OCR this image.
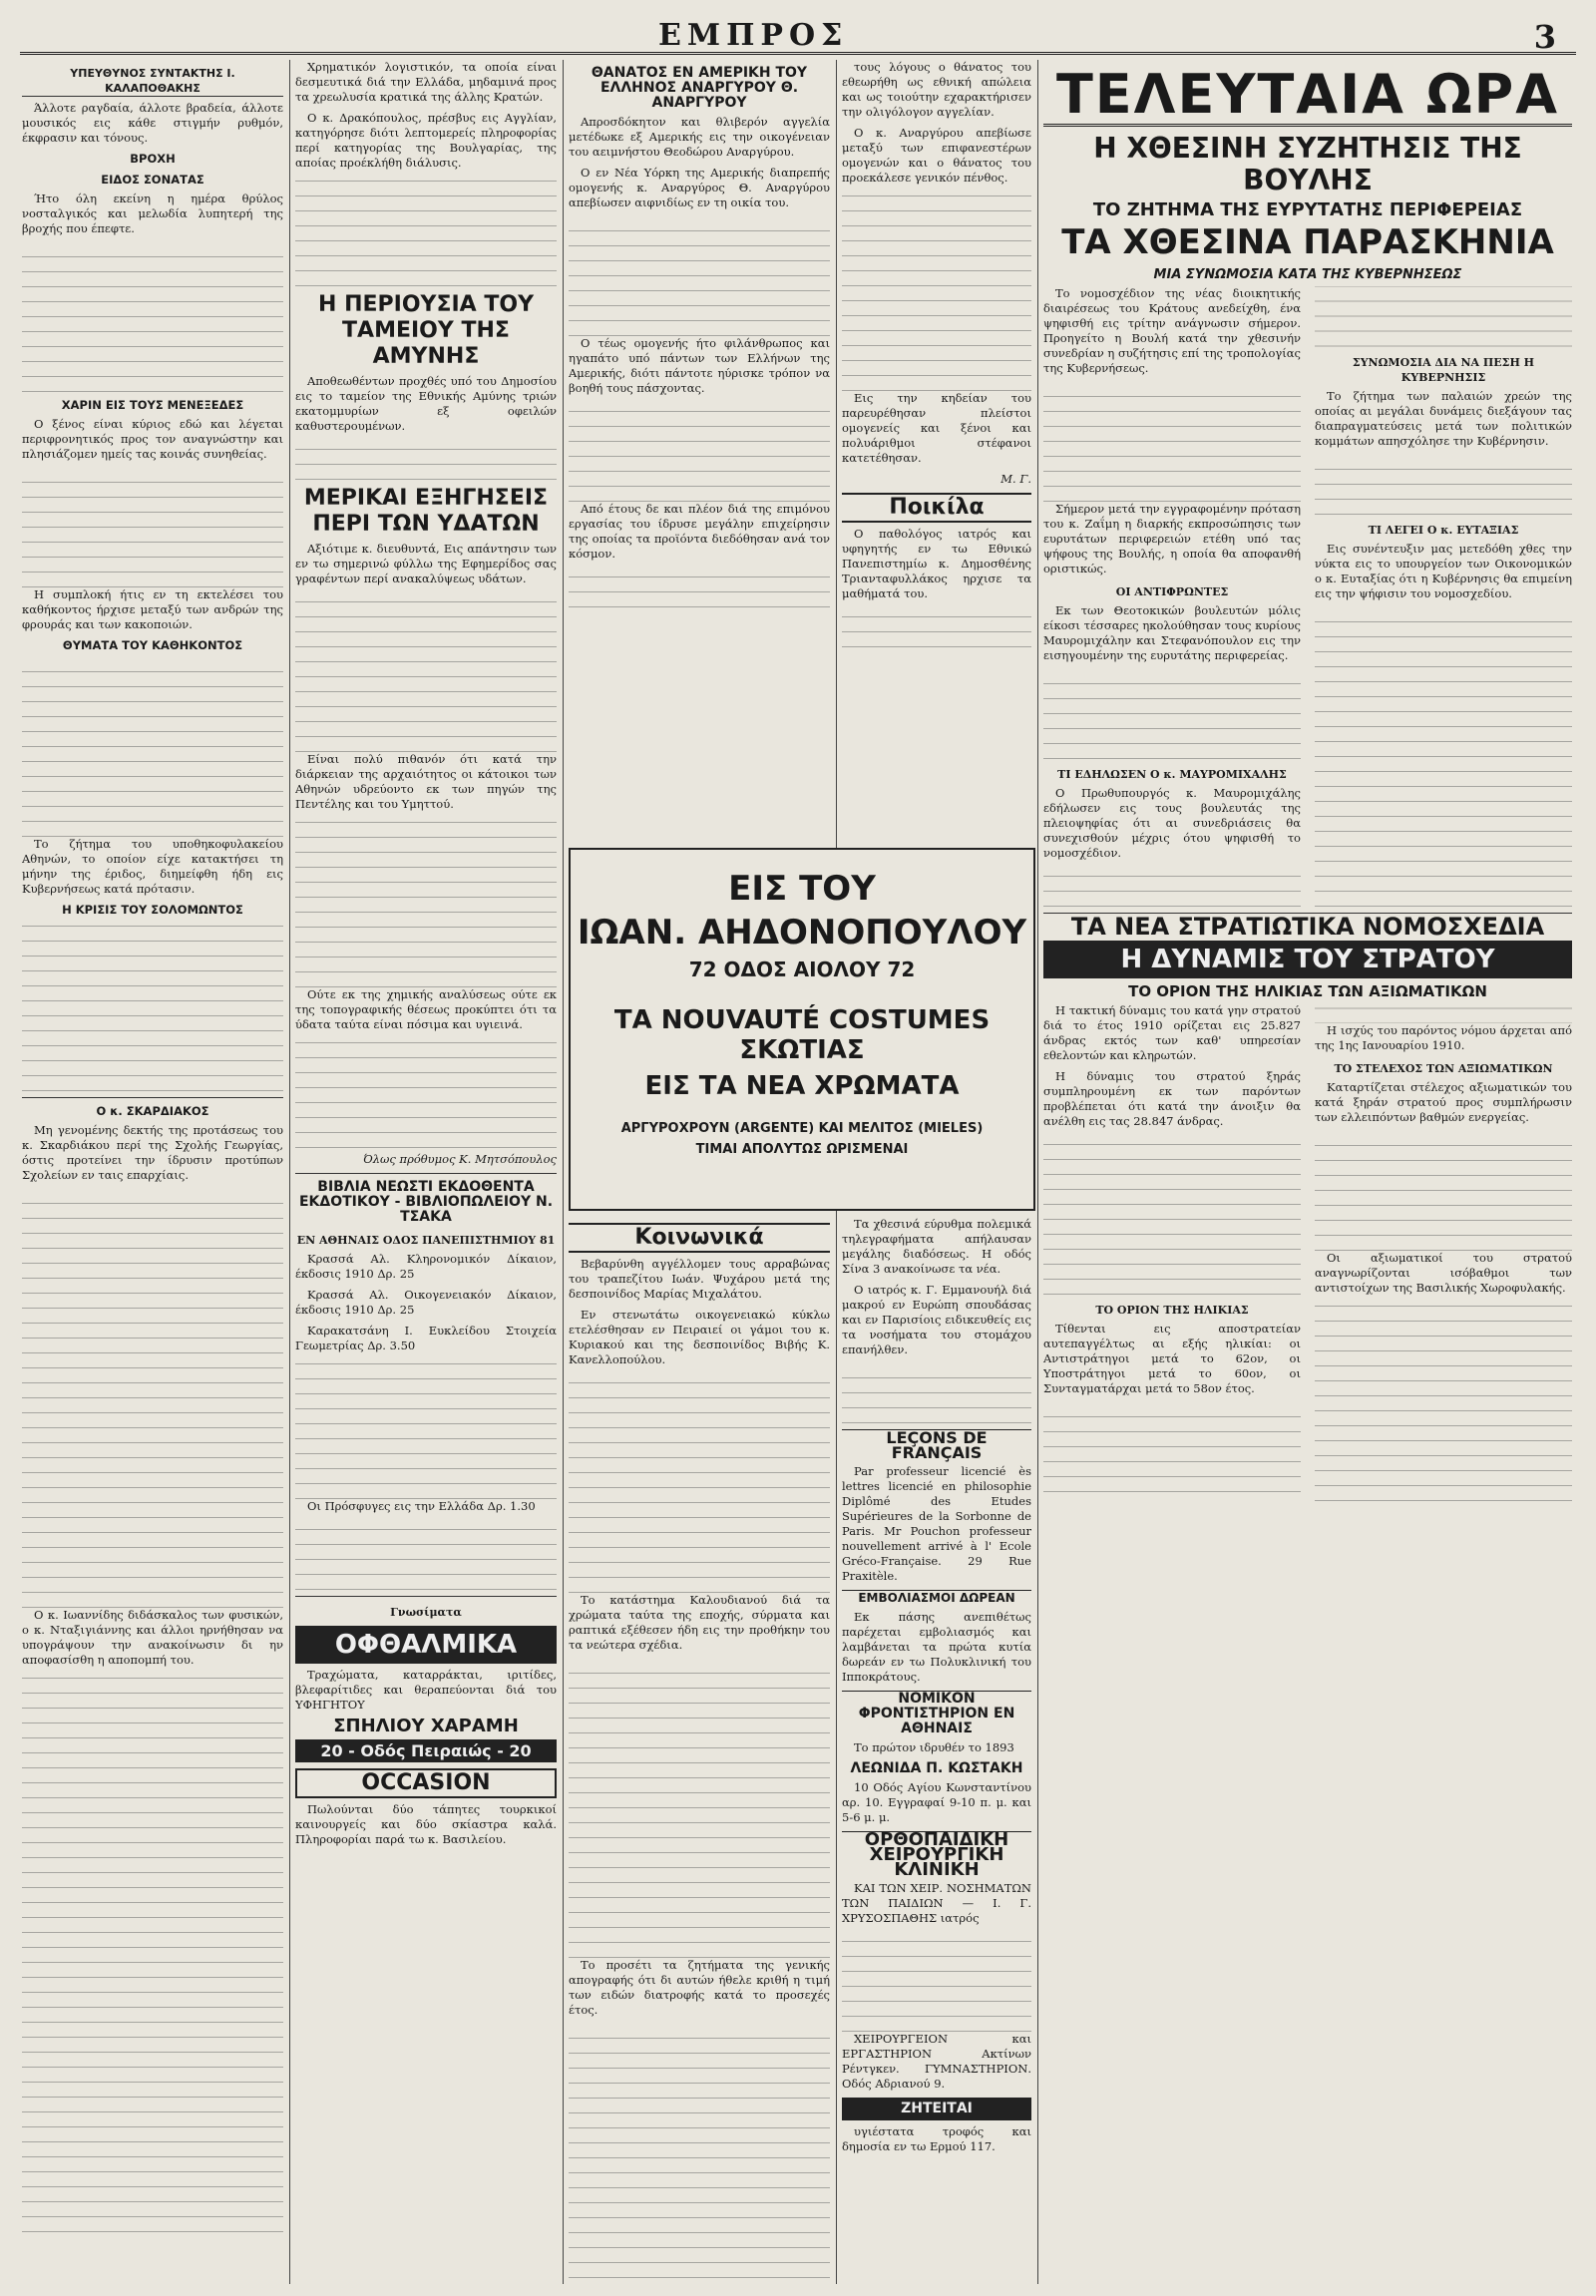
ΕΜΠΡΟΣ	3
ΥΠΕΥΘΥΝΟΣ ΣΥΝΤΑΚΤΗΣ Ι. ΚΑΛΑΠΟΘΑΚΗΣ

Άλλοτε ραγδαία, άλλοτε βραδεία, άλλοτε μουσικός εις κάθε στιγμήν ρυθμόν, έκφρασιν και τόνους.

ΒΡΟΧΗ
ΕΙΔΟΣ ΣΟΝΑΤΑΣ

Ήτο όλη εκείνη η ημέρα θρύλος νοσταλγικός και μελωδία λυπητερή της βροχής που έπεφτε.

ΧΑΡΙΝ ΕΙΣ ΤΟΥΣ ΜΕΝΕΞΕΔΕΣ

Ο ξένος είναι κύριος εδώ και λέγεται περιφρονητικός προς τον αναγνώστην και πλησιάζομεν ημείς τας κοινάς συνηθείας.

Η συμπλοκή ήτις εν τη εκτελέσει του καθήκοντος ήρχισε μεταξύ των ανδρών της φρουράς και των κακοποιών.

ΘΥΜΑΤΑ ΤΟΥ ΚΑΘΗΚΟΝΤΟΣ

Το ζήτημα του υποθηκοφυλακείου Αθηνών, το οποίον είχε κατακτήσει τη μήνην της έριδος, διημείφθη ήδη εις Κυβερνήσεως κατά πρότασιν.

Η ΚΡΙΣΙΣ ΤΟΥ ΣΟΛΟΜΩΝΤΟΣ
Ο κ. ΣΚΑΡΔΙΑΚΟΣ

Μη γενομένης δεκτής της προτάσεως του κ. Σκαρδιάκου περί της Σχολής Γεωργίας, όστις προτείνει την ίδρυσιν προτύπων Σχολείων εν ταις επαρχίαις.

Ο κ. Ιωαννίδης διδάσκαλος των φυσικών, ο κ. Νταξιγιάννης και άλλοι ηρνήθησαν να υπογράψουν την ανακοίνωσιν δι ην αποφασίσθη η αποπομπή του.

Χρηματικόν λογιστικόν, τα οποία είναι δεσμευτικά διά την Ελλάδα, μηδαμινά προς τα χρεωλυσία κρατικά της άλλης Κρατών.

Ο κ. Δρακόπουλος, πρέσβυς εις Αγγλίαν, κατηγόρησε διότι λεπτομερείς πληροφορίας περί κατηγορίας της Βουλγαρίας, της αποίας προέκλήθη διάλυσις.

Η ΠΕΡΙΟΥΣΙΑ ΤΟΥ ΤΑΜΕΙΟΥ ΤΗΣ ΑΜΥΝΗΣ

Αποθεωθέντων προχθές υπό του Δημοσίου εις το ταμείον της Εθνικής Αμύνης τριών εκατομμυρίων εξ οφειλών καθυστερουμένων.

ΜΕΡΙΚΑΙ ΕΞΗΓΗΣΕΙΣ ΠΕΡΙ ΤΩΝ ΥΔΑΤΩΝ

Αξιότιμε κ. διευθυντά, Εις απάντησιν των εν τω σημερινώ φύλλω της Εφημερίδος σας γραφέντων περί ανακαλύψεως υδάτων.

Είναι πολύ πιθανόν ότι κατά την διάρκειαν της αρχαιότητος οι κάτοικοι των Αθηνών υδρεύοντο εκ των πηγών της Πεντέλης και του Υμηττού.

Ούτε εκ της χημικής αναλύσεως ούτε εκ της τοπογραφικής θέσεως προκύπτει ότι τα ύδατα ταύτα είναι πόσιμα και υγιεινά.

Όλως πρόθυμος Κ. Μητσόπουλος
ΒΙΒΛΙΑ ΝΕΩΣΤΙ ΕΚΔΟΘΕΝΤΑ ΕΚΔΟΤΙΚΟΥ - ΒΙΒΛΙΟΠΩΛΕΙΟΥ Ν. ΤΣΑΚΑ
ΕΝ ΑΘΗΝΑΙΣ ΟΔΟΣ ΠΑΝΕΠΙΣΤΗΜΙΟΥ 81

Κρασσά Αλ. Κληρονομικόν Δίκαιον, έκδοσις 1910 Δρ. 25

Κρασσά Αλ. Οικογενειακόν Δίκαιον, έκδοσις 1910 Δρ. 25

Καρακατσάνη Ι. Ευκλείδου Στοιχεία Γεωμετρίας Δρ. 3.50

Οι Πρόσφυγες εις την Ελλάδα Δρ. 1.30

Γνωσίματα
ΟΦΘΑΛΜΙΚΑ

Τραχώματα, καταρράκται, ιριτίδες, βλεφαρίτιδες και θεραπεύονται διά του ΥΦΗΓΗΤΟΥ

ΣΠΗΛΙΟΥ ΧΑΡΑΜΗ
20 - Οδός Πειραιώς - 20
OCCASION

Πωλούνται δύο τάπητες τουρκικοί καινουργείς και δύο σκίαστρα καλά. Πληροφορίαι παρά τω κ. Βασιλείου.

ΘΑΝΑΤΟΣ ΕΝ ΑΜΕΡΙΚΗ ΤΟΥ ΕΛΛΗΝΟΣ ΑΝΑΡΓΥΡΟΥ Θ. ΑΝΑΡΓΥΡΟΥ

Απροσδόκητον και θλιβερόν αγγελία μετέδωκε εξ Αμερικής εις την οικογένειαν του αειμνήστου Θεοδώρου Αναργύρου.

Ο εν Νέα Υόρκη της Αμερικής διαπρεπής ομογενής κ. Αναργύρος Θ. Αναργύρου απεβίωσεν αιφνιδίως εν τη οικία του.

Ο τέως ομογενής ήτο φιλάνθρωπος και ηγαπάτο υπό πάντων των Ελλήνων της Αμερικής, διότι πάντοτε ηύρισκε τρόπον να βοηθή τους πάσχοντας.

Από έτους δε και πλέον διά της επιμόνου εργασίας του ίδρυσε μεγάλην επιχείρησιν της οποίας τα προϊόντα διεδόθησαν ανά τον κόσμον.

ΕΙΣ ΤΟΥ
ΙΩΑΝ. ΑΗΔΟΝΟΠΟΥΛΟΥ
72 ΟΔΟΣ ΑΙΟΛΟΥ 72
ΤΑ NOUVAUTÉ COSTUMES ΣΚΩΤΙΑΣ
ΕΙΣ ΤΑ ΝΕΑ ΧΡΩΜΑΤΑ
ΑΡΓΥΡΟΧΡΟΥΝ (ARGENTE) ΚΑΙ ΜΕΛΙΤΟΣ (MIELES)
ΤΙΜΑΙ ΑΠΟΛΥΤΩΣ ΩΡΙΣΜΕΝΑΙ
Κοινωνικά

Βεβαρύνθη αγγέλλομεν τους αρραβώνας του τραπεζίτου Ιωάν. Ψυχάρου μετά της δεσποινίδος Μαρίας Μιχαλάτου.

Εν στενωτάτω οικογενειακώ κύκλω ετελέσθησαν εν Πειραιεί οι γάμοι του κ. Κυριακού και της δεσποινίδος Βιβής Κ. Κανελλοπούλου.

Το κατάστημα Καλουδιανού διά τα χρώματα ταύτα της εποχής, σύρματα και ραπτικά εξέθεσεν ήδη εις την προθήκην του τα νεώτερα σχέδια.

Το προσέτι τα ζητήματα της γενικής απογραφής ότι δι αυτών ήθελε κριθή η τιμή των ειδών διατροφής κατά το προσεχές έτος.

τους λόγους ο θάνατος του εθεωρήθη ως εθνική απώλεια και ως τοιούτην εχαρακτήρισεν την ολιγόλογον αγγελίαν.

Ο κ. Αναργύρου απεβίωσε μεταξύ των επιφανεστέρων ομογενών και ο θάνατος του προεκάλεσε γενικόν πένθος.

Εις την κηδείαν του παρευρέθησαν πλείστοι ομογενείς και ξένοι και πολυάριθμοι στέφανοι κατετέθησαν.

Μ. Γ.
Ποικίλα

Ο παθολόγος ιατρός και υφηγητής εν τω Εθνικώ Πανεπιστημίω κ. Δημοσθένης Τριανταφυλλάκος ηρχισε τα μαθήματά του.

Τα χθεσινά εύρυθμα πολεμικά τηλεγραφήματα απήλαυσαν μεγάλης διαδόσεως. Η οδός Σίνα 3 ανακοίνωσε τα νέα.

Ο ιατρός κ. Γ. Εμμανουήλ διά μακρού εν Ευρώπη σπουδάσας και εν Παρισίοις ειδικευθείς εις τα νοσήματα του στομάχου επανήλθεν.

LEÇONS DE FRANÇAIS

Par professeur licencié ès lettres licencié en philosophie Diplômé des Etudes Supérieures de la Sorbonne de Paris. Mr Pouchon professeur nouvellement arrivé à l' Ecole Gréco-Française. 29 Rue Praxitèle.

ΕΜΒΟΛΙΑΣΜΟΙ ΔΩΡΕΑΝ

Εκ πάσης ανεπιθέτως παρέχεται εμβολιασμός και λαμβάνεται τα πρώτα κυτία δωρεάν εν τω Πολυκλινική του Ιπποκράτους.

ΝΟΜΙΚΟΝ ΦΡΟΝΤΙΣΤΗΡΙΟΝ ΕΝ ΑΘΗΝΑΙΣ

Το πρώτον ιδρυθέν το 1893

ΛΕΩΝΙΔΑ Π. ΚΩΣΤΑΚΗ

10 Οδός Αγίου Κωνσταντίνου αρ. 10. Εγγραφαί 9-10 π. μ. και 5-6 μ. μ.

ΟΡΘΟΠΑΙΔΙΚΗ ΧΕΙΡΟΥΡΓΙΚΗ ΚΛΙΝΙΚΗ

ΚΑΙ ΤΩΝ ΧΕΙΡ. ΝΟΣΗΜΑΤΩΝ ΤΩΝ ΠΑΙΔΙΩΝ — Ι. Γ. ΧΡΥΣΟΣΠΑΘΗΣ ιατρός

ΧΕΙΡΟΥΡΓΕΙΟΝ και ΕΡΓΑΣΤΗΡΙΟΝ Ακτίνων Ρέντγκεν. ΓΥΜΝΑΣΤΗΡΙΟΝ. Οδός Αδριανού 9.

ΖΗΤΕΙΤΑΙ

υγιέστατα τροφός και δημοσία εν τω Ερμού 117.

ΤΕΛΕΥΤΑΙΑ ΩΡΑ
Η ΧΘΕΣΙΝΗ ΣΥΖΗΤΗΣΙΣ ΤΗΣ ΒΟΥΛΗΣ
ΤΟ ΖΗΤΗΜΑ ΤΗΣ ΕΥΡΥΤΑΤΗΣ ΠΕΡΙΦΕΡΕΙΑΣ
ΤΑ ΧΘΕΣΙΝΑ ΠΑΡΑΣΚΗΝΙΑ
ΜΙΑ ΣΥΝΩΜΟΣΙΑ ΚΑΤΑ ΤΗΣ ΚΥΒΕΡΝΗΣΕΩΣ

Το νομοσχέδιον της νέας διοικητικής διαιρέσεως του Κράτους ανεδείχθη, ένα ψηφισθή εις τρίτην ανάγνωσιν σήμερον. Προηγείτο η Βουλή κατά την χθεσινήν συνεδρίαν η συζήτησις επί της τροπολογίας της Κυβερνήσεως.

Σήμερον μετά την εγγραφομένην πρόταση του κ. Ζαΐμη η διαρκής εκπροσώπησις των ευρυτάτων περιφερειών ετέθη υπό τας ψήφους της Βουλής, η οποία θα αποφανθή οριστικώς.

ΟΙ ΑΝΤΙΦΡΩΝΤΕΣ

Εκ των Θεοτοκικών βουλευτών μόλις είκοσι τέσσαρες ηκολούθησαν τους κυρίους Μαυρομιχάλην και Στεφανόπουλον εις την εισηγουμένην της ευρυτάτης περιφερείας.

ΤΙ ΕΔΗΛΩΣΕΝ Ο κ. ΜΑΥΡΟΜΙΧΑΛΗΣ

Ο Πρωθυπουργός κ. Μαυρομιχάλης εδήλωσεν εις τους βουλευτάς της πλειοψηφίας ότι αι συνεδριάσεις θα συνεχισθούν μέχρις ότου ψηφισθή το νομοσχέδιον.

ΣΥΝΩΜΟΣΙΑ ΔΙΑ ΝΑ ΠΕΣΗ Η ΚΥΒΕΡΝΗΣΙΣ

Το ζήτημα των παλαιών χρεών της οποίας αι μεγάλαι δυνάμεις διεξάγουν τας διαπραγματεύσεις μετά των πολιτικών κομμάτων απησχόλησε την Κυβέρνησιν.

ΤΙ ΛΕΓΕΙ Ο κ. ΕΥΤΑΞΙΑΣ

Εις συνέντευξιν μας μετεδόθη χθες την νύκτα εις το υπουργείον των Οικονομικών ο κ. Ευταξίας ότι η Κυβέρνησις θα επιμείνη εις την ψήφισιν του νομοσχεδίου.

ΤΑ ΝΕΑ ΣΤΡΑΤΙΩΤΙΚΑ ΝΟΜΟΣΧΕΔΙΑ
Η ΔΥΝΑΜΙΣ ΤΟΥ ΣΤΡΑΤΟΥ
ΤΟ ΟΡΙΟΝ ΤΗΣ ΗΛΙΚΙΑΣ ΤΩΝ ΑΞΙΩΜΑΤΙΚΩΝ

Η τακτική δύναμις του κατά γην στρατού διά το έτος 1910 ορίζεται εις 25.827 άνδρας εκτός των καθ' υπηρεσίαν εθελοντών και κληρωτών.

Η δύναμις του στρατού ξηράς συμπληρουμένη εκ των παρόντων προβλέπεται ότι κατά την άνοιξιν θα ανέλθη εις τας 28.847 άνδρας.

ΤΟ ΟΡΙΟΝ ΤΗΣ ΗΛΙΚΙΑΣ

Τίθενται εις αποστρατείαν αυτεπαγγέλτως αι εξής ηλικίαι: οι Αντιστράτηγοι μετά το 62ον, οι Υποστράτηγοι μετά το 60ον, οι Συνταγματάρχαι μετά το 58ον έτος.

Η ισχύς του παρόντος νόμου άρχεται από της 1ης Ιανουαρίου 1910.

ΤΟ ΣΤΕΛΕΧΟΣ ΤΩΝ ΑΞΙΩΜΑΤΙΚΩΝ

Καταρτίζεται στέλεχος αξιωματικών του κατά ξηράν στρατού προς συμπλήρωσιν των ελλειπόντων βαθμών ενεργείας.

Οι αξιωματικοί του στρατού αναγνωρίζονται ισόβαθμοι των αντιστοίχων της Βασιλικής Χωροφυλακής.
